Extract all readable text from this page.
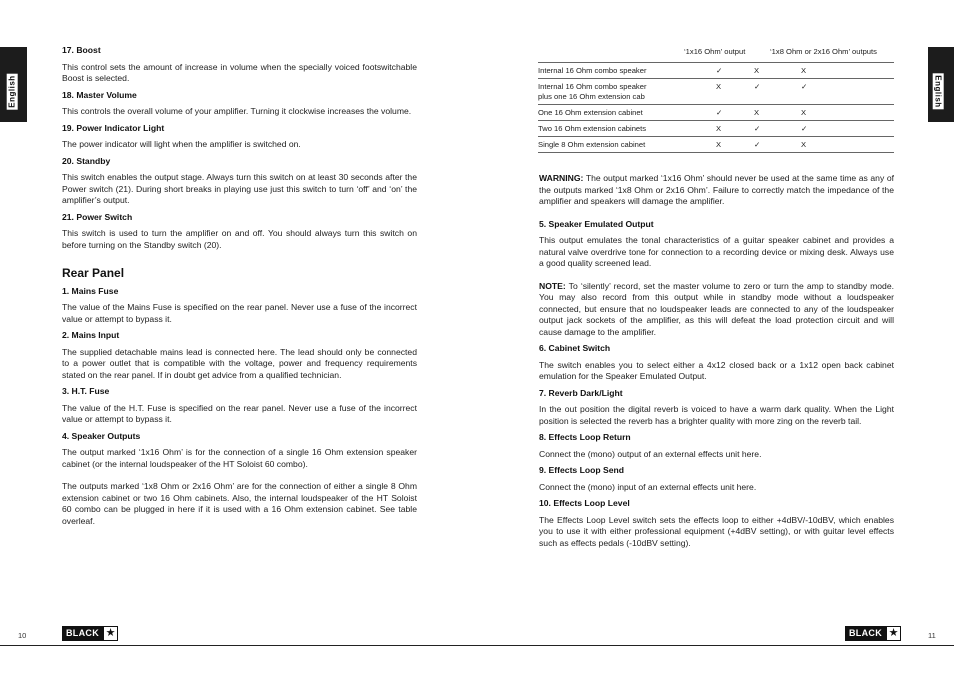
English	English
17. Boost

This control sets the amount of increase in volume when the specially voiced footswitchable Boost is selected.

18. Master Volume

This controls the overall volume of your amplifier. Turning it clockwise increases the volume.

19. Power Indicator Light

The power indicator will light when the amplifier is switched on.

20. Standby

This switch enables the output stage. Always turn this switch on at least 30 seconds after the Power switch (21). During short breaks in playing use just this switch to turn ‘off’ and ‘on’ the amplifier’s output.

21. Power Switch

This switch is used to turn the amplifier on and off. You should always turn this switch on before turning on the Standby switch (20).

Rear Panel
1. Mains Fuse

The value of the Mains Fuse is specified on the rear panel. Never use a fuse of the incorrect value or attempt to bypass it.

2. Mains Input

The supplied detachable mains lead is connected here. The lead should only be connected to a power outlet that is compatible with the voltage, power and frequency requirements stated on the rear panel. If in doubt get advice from a qualified technician.

3. H.T. Fuse

The value of the H.T. Fuse is specified on the rear panel. Never use a fuse of the incorrect value or attempt to bypass it.

4. Speaker Outputs

The output marked ‘1x16 Ohm’ is for the connection of a single 16 Ohm extension speaker cabinet (or the internal loudspeaker of the HT Soloist 60 combo).

The outputs marked ‘1x8 Ohm or 2x16 Ohm’ are for the connection of either a single 8 Ohm extension cabinet or two 16 Ohm cabinets. Also, the internal loudspeaker of the HT Soloist 60 combo can be plugged in here if it is used with a 16 Ohm extension cabinet. See table overleaf.

10	BLACK ★
	‘1x16 Ohm’ output	‘1x8 Ohm or 2x16 Ohm’ outputs
Internal 16 Ohm combo speaker	✓	X	X
Internal 16 Ohm combo speaker
plus one 16 Ohm extension cab	X	✓	✓
One 16 Ohm extension cabinet	✓	X	X
Two 16 Ohm extension cabinets	X	✓	✓
Single 8 Ohm extension cabinet	X	✓	X

WARNING: The output marked ‘1x16 Ohm’ should never be used at the same time as any of the outputs marked ‘1x8 Ohm or 2x16 Ohm’. Failure to correctly match the impedance of the amplifier and speakers will damage the amplifier.

5. Speaker Emulated Output

This output emulates the tonal characteristics of a guitar speaker cabinet and provides a natural valve overdrive tone for connection to a recording device or mixing desk. Always use a good quality screened lead.

NOTE: To ‘silently’ record, set the master volume to zero or turn the amp to standby mode. You may also record from this output while in standby mode without a loudspeaker connected, but ensure that no loudspeaker leads are connected to any of the loudspeaker output jack sockets of the amplifier, as this will defeat the load protection circuit and will cause damage to the amplifier.

6. Cabinet Switch

The switch enables you to select either a 4x12 closed back or a 1x12 open back cabinet emulation for the Speaker Emulated Output.

7. Reverb Dark/Light

In the out position the digital reverb is voiced to have a warm dark quality. When the Light position is selected the reverb has a brighter quality with more zing on the reverb tail.

8. Effects Loop Return

Connect the (mono) output of an external effects unit here.

9. Effects Loop Send

Connect the (mono) input of an external effects unit here.

10. Effects Loop Level

The Effects Loop Level switch sets the effects loop to either +4dBV/-10dBV, which enables you to use it with either professional equipment (+4dBV setting), or with guitar level effects such as effects pedals (-10dBV setting).

BLACK ★	11
